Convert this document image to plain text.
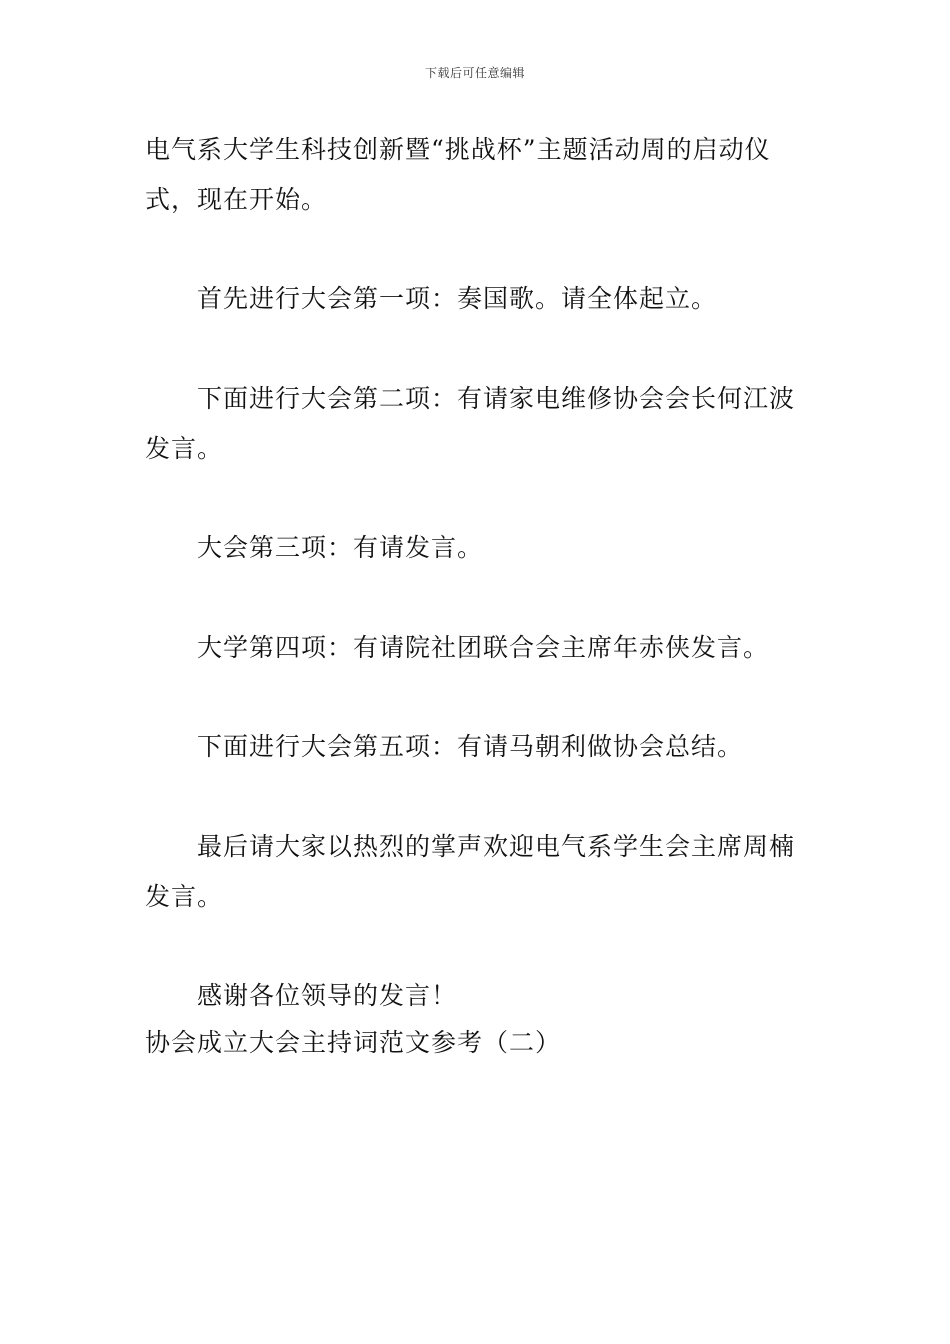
下载后可任意编辑

电气系大学生科技创新暨“挑战杯”主题活动周的启动仪式，现在开始。

首先进行大会第一项：奏国歌。请全体起立。

下面进行大会第二项：有请家电维修协会会长何江波发言。

大会第三项：有请发言。

大学第四项：有请院社团联合会主席年赤侠发言。

下面进行大会第五项：有请马朝利做协会总结。

最后请大家以热烈的掌声欢迎电气系学生会主席周楠发言。

感谢各位领导的发言！

协会成立大会主持词范文参考（二）
